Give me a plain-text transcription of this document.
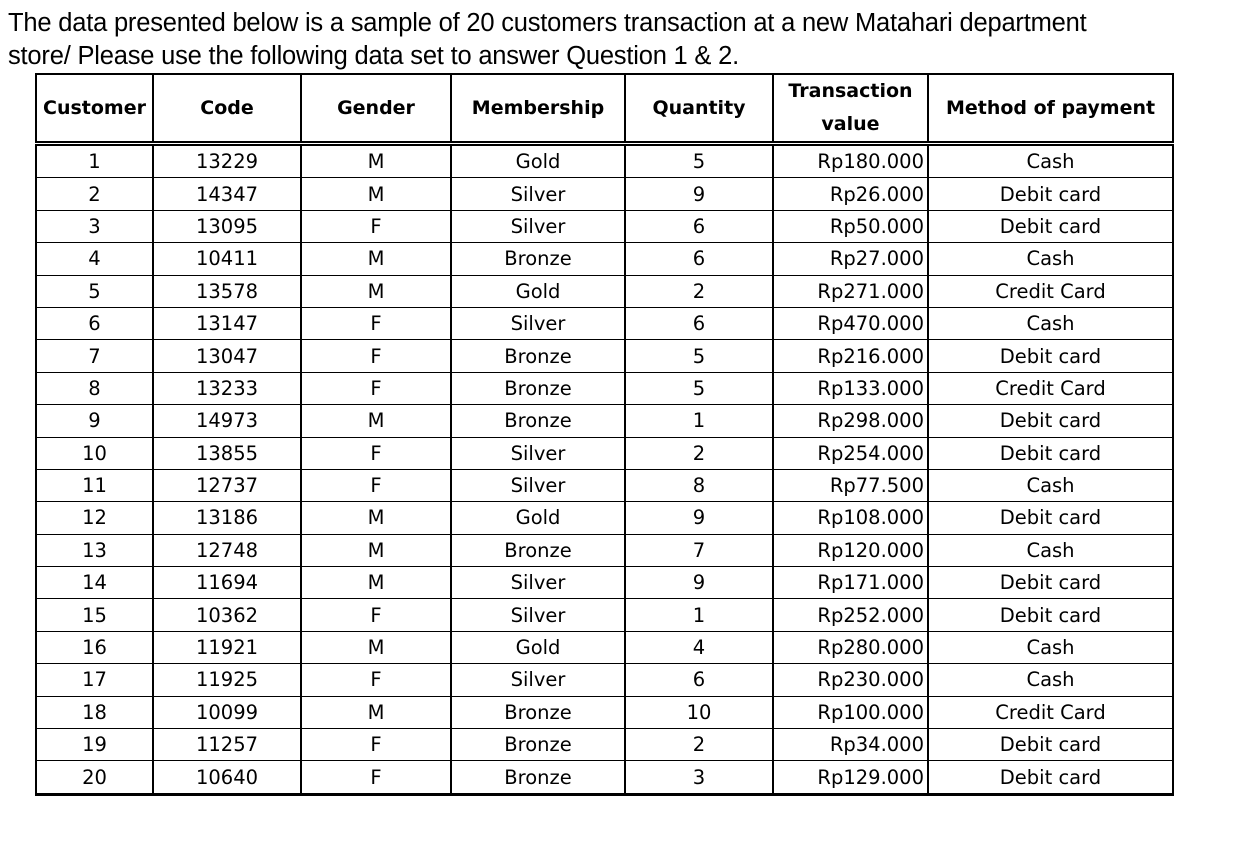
The data presented below is a sample of 20 customers transaction at a new Matahari department
store/ Please use the following data set to answer Question 1 & 2.
Customer	Code	Gender	Membership	Quantity	Transaction value	Method of payment
1	13229	M	Gold	5	Rp180.000	Cash
2	14347	M	Silver	9	Rp26.000	Debit card
3	13095	F	Silver	6	Rp50.000	Debit card
4	10411	M	Bronze	6	Rp27.000	Cash
5	13578	M	Gold	2	Rp271.000	Credit Card
6	13147	F	Silver	6	Rp470.000	Cash
7	13047	F	Bronze	5	Rp216.000	Debit card
8	13233	F	Bronze	5	Rp133.000	Credit Card
9	14973	M	Bronze	1	Rp298.000	Debit card
10	13855	F	Silver	2	Rp254.000	Debit card
11	12737	F	Silver	8	Rp77.500	Cash
12	13186	M	Gold	9	Rp108.000	Debit card
13	12748	M	Bronze	7	Rp120.000	Cash
14	11694	M	Silver	9	Rp171.000	Debit card
15	10362	F	Silver	1	Rp252.000	Debit card
16	11921	M	Gold	4	Rp280.000	Cash
17	11925	F	Silver	6	Rp230.000	Cash
18	10099	M	Bronze	10	Rp100.000	Credit Card
19	11257	F	Bronze	2	Rp34.000	Debit card
20	10640	F	Bronze	3	Rp129.000	Debit card
